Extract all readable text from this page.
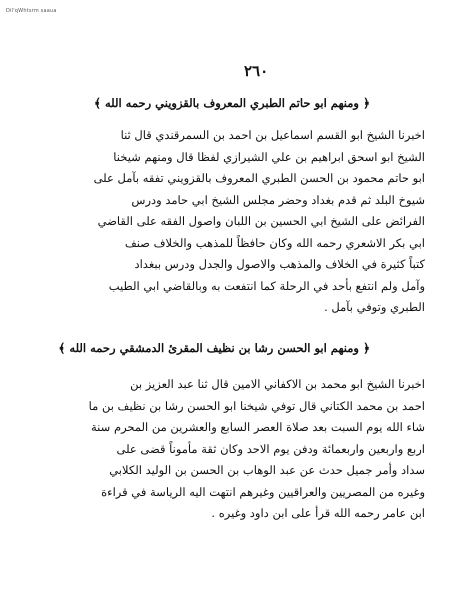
Dil'qWhtsrm saaua
٢٦٠
﴿ ومنهم ابو حاتم الطبري المعروف بالقزويني رحمه الله ﴾
اخبرنا الشيخ ابو القسم اسماعيل بن احمد بن السمرقندي قال ثنا
الشيخ ابو اسحق ابراهيم بن علي الشيرازي لفظا قال ومنهم شيخنا
ابو حاتم محمود بن الحسن الطبري المعروف بالقزويني تفقه بآمل على
شيوخ البلد ثم قدم بغداد وحضر مجلس الشيخ ابي حامد ودرس
الفرائض على الشيخ ابي الحسين بن اللبان واصول الفقه على القاضي
ابي بكر الاشعري رحمه الله وكان حافظاً للمذهب والخلاف صنف
كتباً كثيرة في الخلاف والمذهب والاصول والجدل ودرس ببغداد
وآمل ولم انتفع بأحد في الرحلة كما انتفعت به وبالقاضي ابي الطيب
الطبري وتوفي بآمل .
﴿ ومنهم ابو الحسن رشا بن نظيف المقرئ الدمشقي رحمه الله ﴾
اخبرنا الشيخ ابو محمد بن الاكفاني الامين قال ثنا عبد العزيز بن
احمد بن محمد الكتاني قال توفي شيخنا ابو الحسن رشا بن نظيف بن ما
شاء الله يوم السبت بعد صلاة العصر السابع والعشرين من المحرم سنة
اربع واربعين واربعمائة ودفن يوم الاحد وكان ثقة مأموناً قضى على
سداد وأمر جميل حدث عن عبد الوهاب بن الحسن بن الوليد الكلابي
وغيره من المصريين والعراقيين وغيرهم انتهت اليه الرياسة في قراءة
ابن عامر رحمه الله قرأ على ابن داود وغيره .
